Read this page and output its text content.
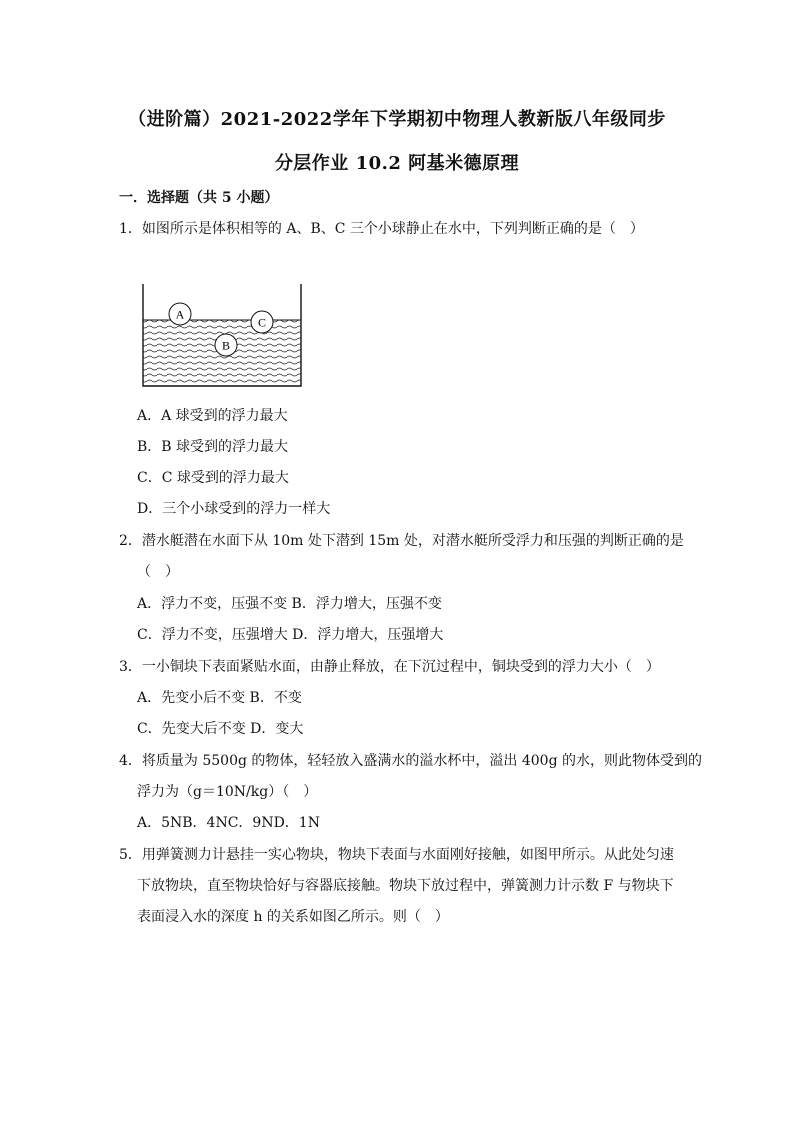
（进阶篇）2021-2022学年下学期初中物理人教新版八年级同步
分层作业 10.2 阿基米德原理
一．选择题（共 5 小题）
1．如图所示是体积相等的 A、B、C 三个小球静止在水中，下列判断正确的是（　）
A
B
C
A．A 球受到的浮力最大
B．B 球受到的浮力最大
C．C 球受到的浮力最大
D．三个小球受到的浮力一样大
2．潜水艇潜在水面下从 10m 处下潜到 15m 处，对潜水艇所受浮力和压强的判断正确的是
（　）
A．浮力不变，压强不变 B．浮力增大，压强不变
C．浮力不变，压强增大 D．浮力增大，压强增大
3．一小铜块下表面紧贴水面，由静止释放，在下沉过程中，铜块受到的浮力大小（　）
A．先变小后不变 B．不变
C．先变大后不变 D．变大
4．将质量为 5500g 的物体，轻轻放入盛满水的溢水杯中，溢出 400g 的水，则此物体受到的
浮力为（g＝10N/kg）（　）
A．5NB．4NC．9ND．1N
5．用弹簧测力计悬挂一实心物块，物块下表面与水面刚好接触，如图甲所示。从此处匀速
下放物块，直至物块恰好与容器底接触。物块下放过程中，弹簧测力计示数 F 与物块下
表面浸入水的深度 h 的关系如图乙所示。则（　）
